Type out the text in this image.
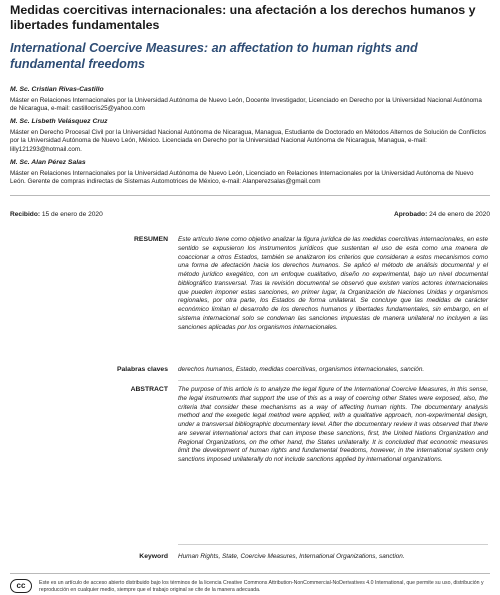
Medidas coercitivas internacionales: una afectación a los derechos humanos y libertades fundamentales
International Coercive Measures: an affectation to human rights and fundamental freedoms
M. Sc. Cristian Rivas-Castillo
Máster en Relaciones Internacionales por la Universidad Autónoma de Nuevo León, Docente Investigador, Licenciado en Derecho por la Universidad Nacional Autónoma de Nicaragua, e-mail: castillocris25@yahoo.com
M. Sc. Lisbeth Velásquez Cruz
Máster en Derecho Procesal Civil por la Universidad Nacional Autónoma de Nicaragua, Managua, Estudiante de Doctorado en Métodos Alternos de Solución de Conflictos por la Universidad Autónoma de Nuevo León, México. Licenciada en Derecho por la Universidad Nacional Autónoma de Nicaragua, Managua, e-mail: lilly121293@hotmail.com.
M. Sc. Alan Pérez Salas
Máster en Relaciones Internacionales por la Universidad Autónoma de Nuevo León, Licenciado en Relaciones Internacionales por la Universidad Autónoma de Nuevo León. Gerente de compras indirectas de Sistemas Automotrices de México, e-mail: Alanperezsalas@gmail.com
Recibido: 15 de enero de 2020	Aprobado: 24 de enero de 2020
RESUMEN Este artículo tiene como objetivo analizar la figura jurídica de las medidas coercitivas internacionales, en este sentido se expusieron los instrumentos jurídicos que sustentan el uso de esta como una manera de coaccionar a otros Estados, también se analizaron los criterios que consideran a estos mecanismos como una forma de afectación hacia los derechos humanos. Se aplicó el método de análisis documental y el método jurídico exegético, con un enfoque cualitativo, diseño no experimental, bajo un nivel documental bibliográfico transversal. Tras la revisión documental se observó que existen varios actores internacionales que pueden imponer estas sanciones, en primer lugar, la Organización de Naciones Unidas y organismos regionales, por otra parte, los Estados de forma unilateral. Se concluye que las medidas de carácter económico limitan el desarrollo de los derechos humanos y libertades fundamentales, sin embargo, en el sistema internacional solo se condenan las sanciones impuestas de manera unilateral no incluyen a las sanciones aplicadas por los organismos internacionales.
Palabras claves derechos humanos, Estado, medidas coercitivas, organismos internacionales, sanción.
ABSTRACT The purpose of this article is to analyze the legal figure of the International Coercive Measures, in this sense, the legal instruments that support the use of this as a way of coercing other States were exposed, also, the criteria that consider these mechanisms as a way of affecting human rights. The documentary analysis method and the exegetic legal method were applied, with a qualitative approach, non-experimental design, under a transversal bibliographic documentary level. After the documentary review it was observed that there are several international actors that can impose these sanctions, first, the United Nations Organization and Regional Organizations, on the other hand, the States unilaterally. It is concluded that economic measures limit the development of human rights and fundamental freedoms, however, in the international system only sanctions imposed unilaterally do not include sanctions applied by international organizations.
Keyword Human Rights, State, Coercive Measures, International Organizations, sanction.
cc	Este es un artículo de acceso abierto distribuido bajo los términos de la licencia Creative Commons Attribution-NonCommercial-NoDerivatives 4.0 International, que permite su uso, distribución y reproducción en cualquier medio, siempre que el trabajo original se cite de la manera adecuada.
